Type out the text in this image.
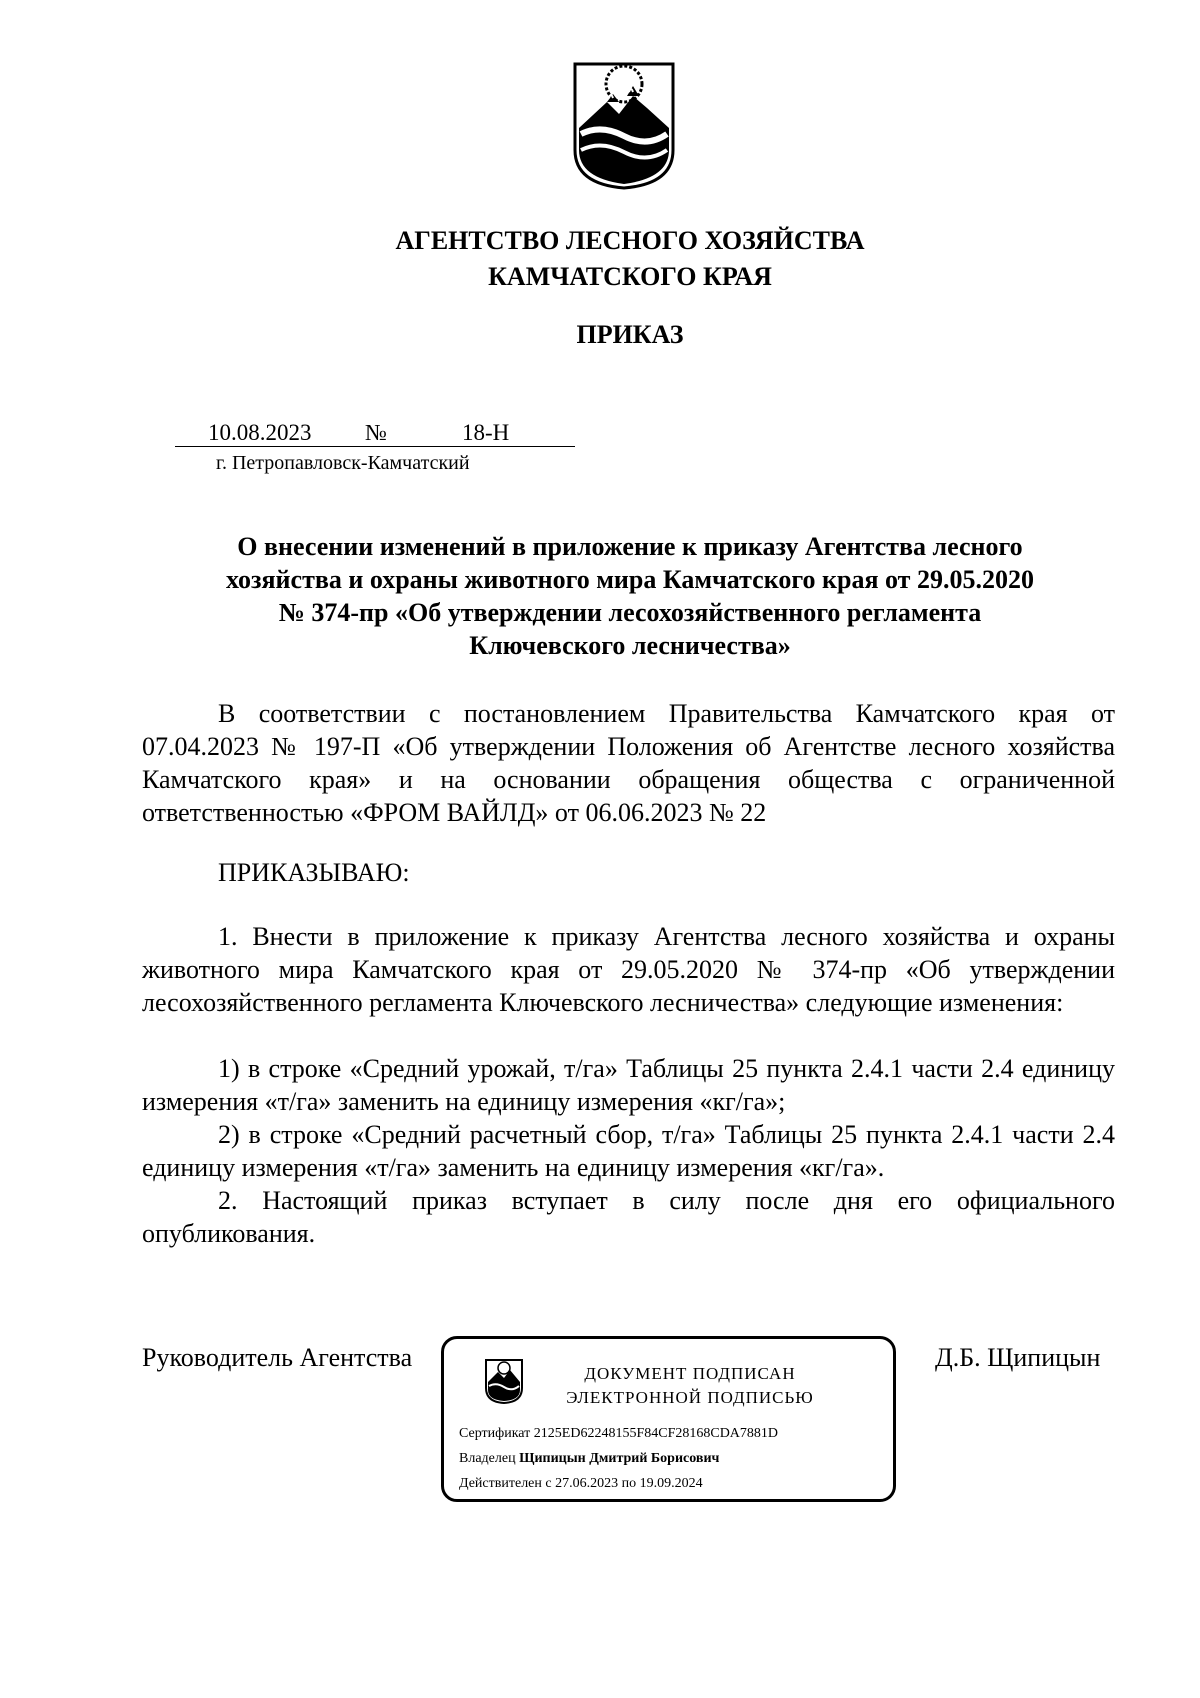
АГЕНТСТВО ЛЕСНОГО ХОЗЯЙСТВА
КАМЧАТСКОГО КРАЯ
ПРИКАЗ
10.08.2023 №	18-Н
г. Петропавловск-Камчатский
О внесении изменений в приложение к приказу Агентства лесного
хозяйства и охраны животного мира Камчатского края от 29.05.2020
№ 374-пр «Об утверждении лесохозяйственного регламента
Ключевского лесничества»

В соответствии с постановлением Правительства Камчатского края от 07.04.2023 № 197-П «Об утверждении Положения об Агентстве лесного хозяйства Камчатского края» и на основании обращения общества с ограниченной ответственностью «ФРОМ ВАЙЛД» от 06.06.2023 № 22

ПРИКАЗЫВАЮ:

1. Внести в приложение к приказу Агентства лесного хозяйства и охраны животного мира Камчатского края от 29.05.2020 № 374-пр «Об утверждении лесохозяйственного регламента Ключевского лесничества» следующие изменения:

1) в строке «Средний урожай, т/га» Таблицы 25 пункта 2.4.1 части 2.4 единицу измерения «т/га» заменить на единицу измерения «кг/га»;

2) в строке «Средний расчетный сбор, т/га» Таблицы 25 пункта 2.4.1 части 2.4 единицу измерения «т/га» заменить на единицу измерения «кг/га».

2. Настоящий приказ вступает в силу после дня его официального опубликования.

Руководитель Агентства	Д.Б. Щипицын
ДОКУМЕНТ ПОДПИСАН
ЭЛЕКТРОННОЙ ПОДПИСЬЮ
Сертификат 2125ED62248155F84CF28168CDA7881D
Владелец Щипицын Дмитрий Борисович
Действителен с 27.06.2023 по 19.09.2024
